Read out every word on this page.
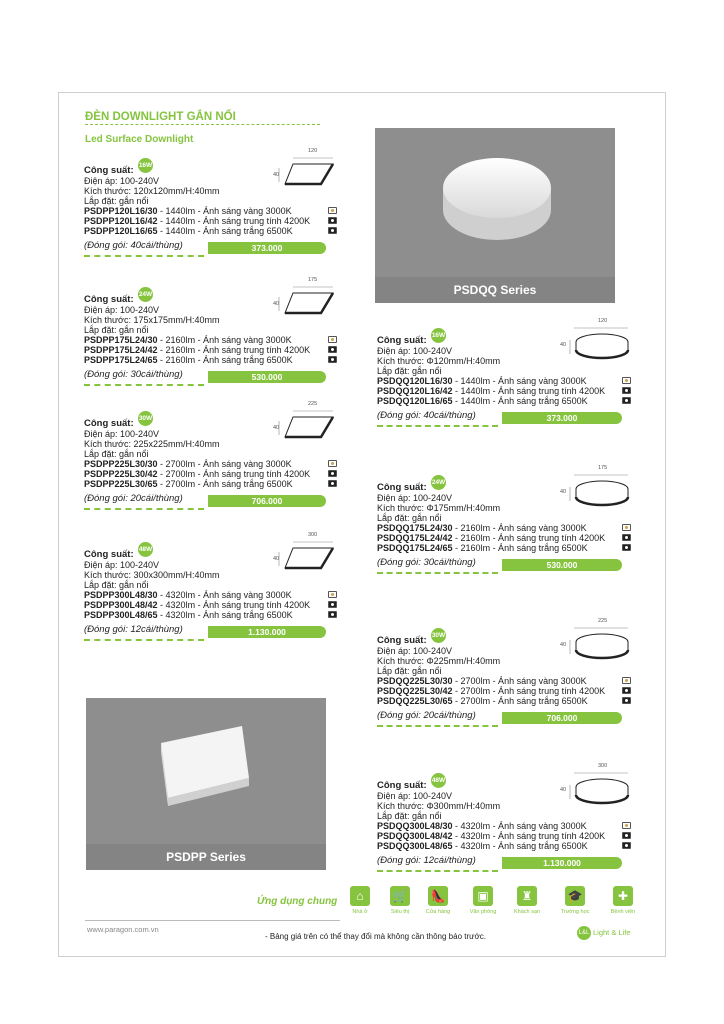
ĐÈN DOWNLIGHT GẮN NỔI
Led Surface Downlight
PSDQQ Series
PSDPP Series
Công suất:
Điện áp: 100-240V
Kích thước: 120x120mm/H:40mm
Lắp đặt: gắn nổi
PSDPP120L16/30 - 1440lm - Ánh sáng vàng 3000K
PSDPP120L16/42 - 1440lm - Ánh sáng trung tính 4200K
PSDPP120L16/65 - 1440lm - Ánh sáng trắng 6500K
16W
(Đóng gói: 40cái/thùng)	373.000
120
40
Công suất:
Điện áp: 100-240V
Kích thước: 175x175mm/H:40mm
Lắp đặt: gắn nổi
PSDPP175L24/30 - 2160lm - Ánh sáng vàng 3000K
PSDPP175L24/42 - 2160lm - Ánh sáng trung tính 4200K
PSDPP175L24/65 - 2160lm - Ánh sáng trắng 6500K
24W
(Đóng gói: 30cái/thùng)	530.000
175
40
Công suất:
Điện áp: 100-240V
Kích thước: 225x225mm/H:40mm
Lắp đặt: gắn nổi
PSDPP225L30/30 - 2700lm - Ánh sáng vàng 3000K
PSDPP225L30/42 - 2700lm - Ánh sáng trung tính 4200K
PSDPP225L30/65 - 2700lm - Ánh sáng trắng 6500K
30W
(Đóng gói: 20cái/thùng)	706.000
225
40
Công suất:
Điện áp: 100-240V
Kích thước: 300x300mm/H:40mm
Lắp đặt: gắn nổi
PSDPP300L48/30 - 4320lm - Ánh sáng vàng 3000K
PSDPP300L48/42 - 4320lm - Ánh sáng trung tính 4200K
PSDPP300L48/65 - 4320lm - Ánh sáng trắng 6500K
48W
(Đóng gói: 12cái/thùng)	1.130.000
300
40
Công suất:
Điện áp: 100-240V
Kích thước: Φ120mm/H:40mm
Lắp đặt: gắn nổi
PSDQQ120L16/30 - 1440lm - Ánh sáng vàng 3000K
PSDQQ120L16/42 - 1440lm - Ánh sáng trung tính 4200K
PSDQQ120L16/65 - 1440lm - Ánh sáng trắng 6500K
16W
(Đóng gói: 40cái/thùng)	373.000
120
40
Công suất:
Điện áp: 100-240V
Kích thước: Φ175mm/H:40mm
Lắp đặt: gắn nổi
PSDQQ175L24/30 - 2160lm - Ánh sáng vàng 3000K
PSDQQ175L24/42 - 2160lm - Ánh sáng trung tính 4200K
PSDQQ175L24/65 - 2160lm - Ánh sáng trắng 6500K
24W
(Đóng gói: 30cái/thùng)	530.000
175
40
Công suất:
Điện áp: 100-240V
Kích thước: Φ225mm/H:40mm
Lắp đặt: gắn nổi
PSDQQ225L30/30 - 2700lm - Ánh sáng vàng 3000K
PSDQQ225L30/42 - 2700lm - Ánh sáng trung tính 4200K
PSDQQ225L30/65 - 2700lm - Ánh sáng trắng 6500K
30W
(Đóng gói: 20cái/thùng)	706.000
225
40
Công suất:
Điện áp: 100-240V
Kích thước: Φ300mm/H:40mm
Lắp đặt: gắn nổi
PSDQQ300L48/30 - 4320lm - Ánh sáng vàng 3000K
PSDQQ300L48/42 - 4320lm - Ánh sáng trung tính 4200K
PSDQQ300L48/65 - 4320lm - Ánh sáng trắng 6500K
48W
(Đóng gói: 12cái/thùng)	1.130.000
300
40
Ứng dụng chung	⌂
Nhà ở
🛒
Siêu thị
👠
Cửa hàng
▣
Văn phòng
♜
Khách sạn
🎓
Trường học
✚
Bệnh viện
www.paragon.com.vn
- Bảng giá trên có thể thay đổi mà không cần thông báo trước.	L&L Light & Life
